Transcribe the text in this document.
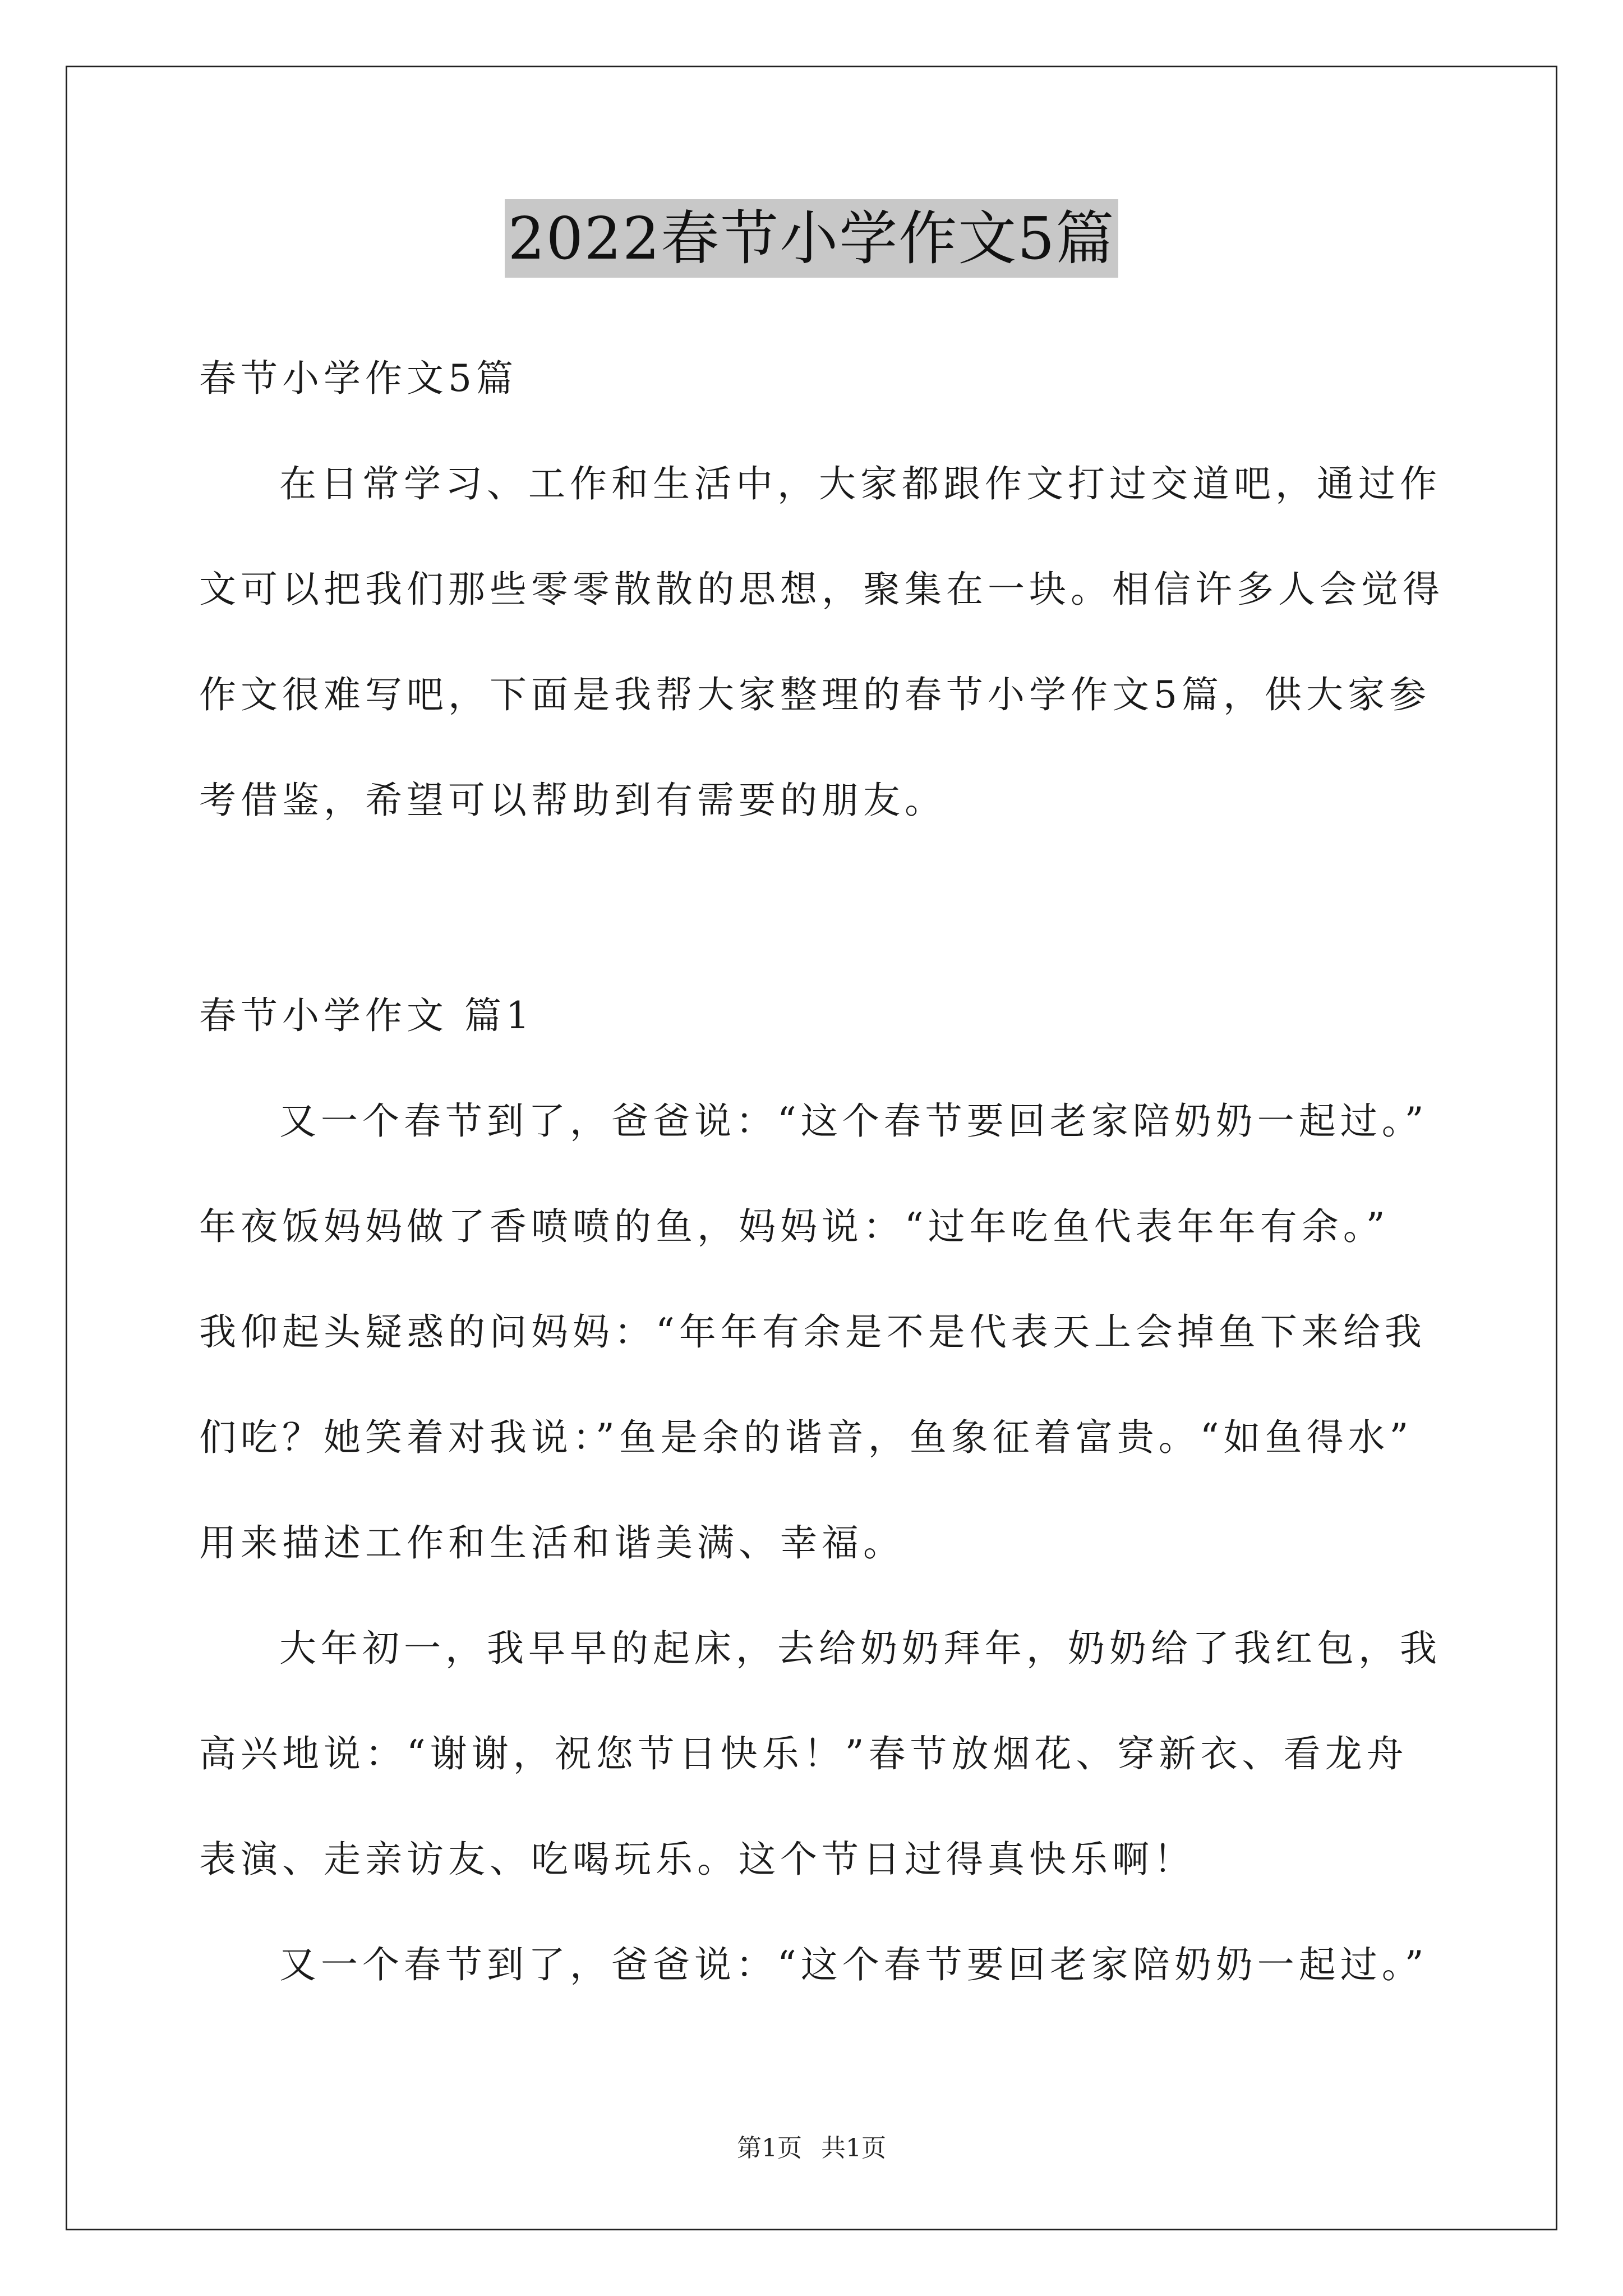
2022春节小学作文5篇
春节小学作文5篇
在日常学习、工作和生活中，大家都跟作文打过交道吧，通过作
文可以把我们那些零零散散的思想，聚集在一块。相信许多人会觉得
作文很难写吧，下面是我帮大家整理的春节小学作文5篇，供大家参
考借鉴，希望可以帮助到有需要的朋友。
春节小学作文 篇1
又一个春节到了，爸爸说：“这个春节要回老家陪奶奶一起过。”
年夜饭妈妈做了香喷喷的鱼，妈妈说：“过年吃鱼代表年年有余。”
我仰起头疑惑的问妈妈：“年年有余是不是代表天上会掉鱼下来给我
们吃？她笑着对我说：”鱼是余的谐音，鱼象征着富贵。“如鱼得水”
用来描述工作和生活和谐美满、幸福。
大年初一，我早早的起床，去给奶奶拜年，奶奶给了我红包，我
高兴地说：“谢谢，祝您节日快乐！”春节放烟花、穿新衣、看龙舟
表演、走亲访友、吃喝玩乐。这个节日过得真快乐啊！
又一个春节到了，爸爸说：“这个春节要回老家陪奶奶一起过。”
第1页 共1页
